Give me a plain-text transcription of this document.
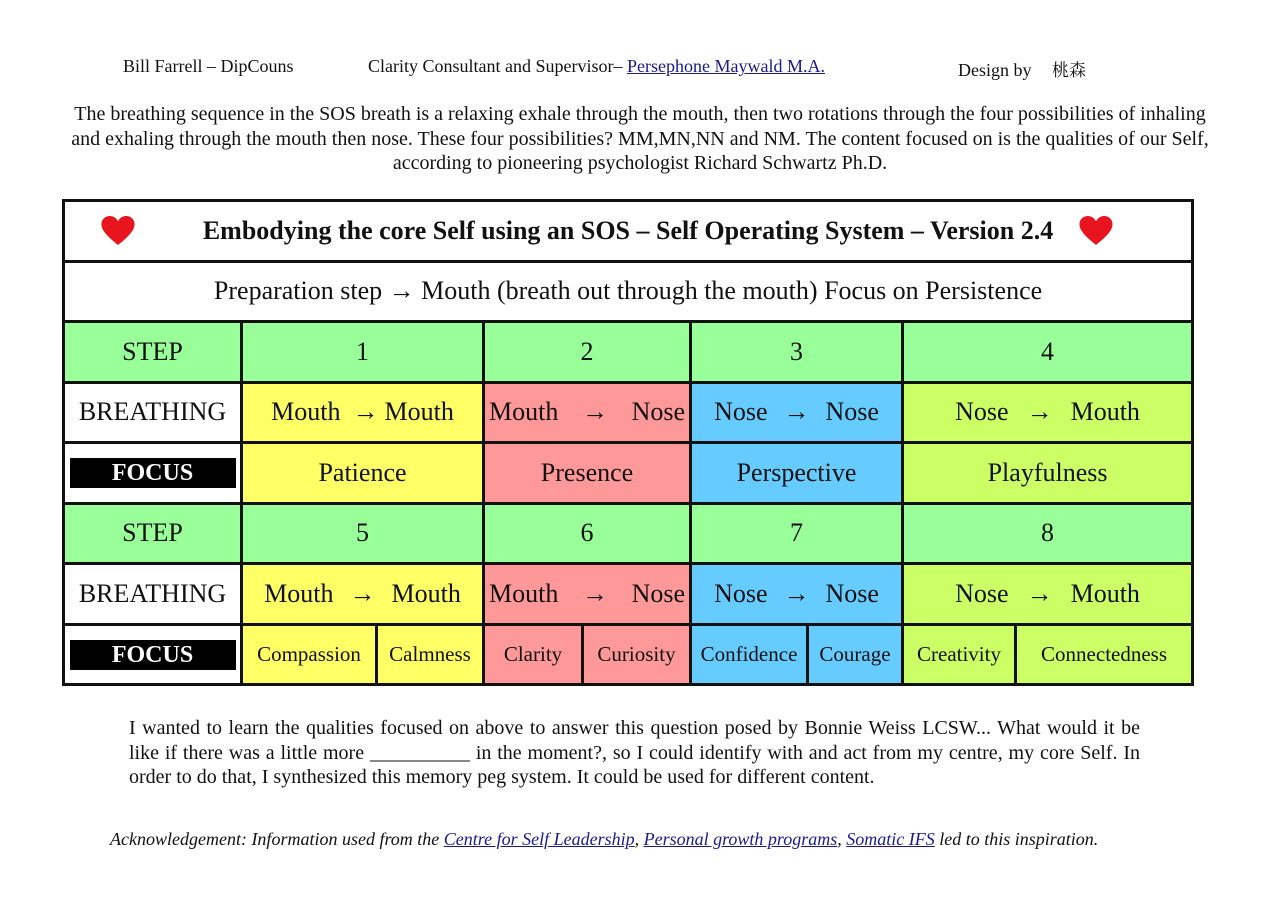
Bill Farrell – DipCouns	Clarity Consultant and Supervisor– Persephone Maywald M.A.	Design by 桃森
The breathing sequence in the SOS breath is a relaxing exhale through the mouth, then two rotations through the four possibilities of inhaling and exhaling through the mouth then nose. These four possibilities? MM,MN,NN and NM. The content focused on is the qualities of our Self, according to pioneering psychologist Richard Schwartz Ph.D.
Embodying the core Self using an SOS – Self Operating System – Version 2.4								

Preparation step → Mouth (breath out through the mouth) Focus on Persistence								
STEP	1		2		3		4	
BREATHING	Mouth → Mouth		Mouth → Nose		Nose → Nose		Nose → Mouth	
FOCUS	Patience		Presence		Perspective		Playfulness	
STEP	5		6		7		8	
BREATHING	Mouth → Mouth		Mouth → Nose		Nose → Nose		Nose → Mouth	
FOCUS	Compassion	Calmness	Clarity	Curiosity	Confidence	Courage	Creativity	Connectedness
I wanted to learn the qualities focused on above to answer this question posed by Bonnie Weiss LCSW... What would it be like if there was a little more __________ in the moment?, so I could identify with and act from my centre, my core Self. In order to do that, I synthesized this memory peg system. It could be used for different content.
Acknowledgement: Information used from the Centre for Self Leadership, Personal growth programs, Somatic IFS led to this inspiration.
